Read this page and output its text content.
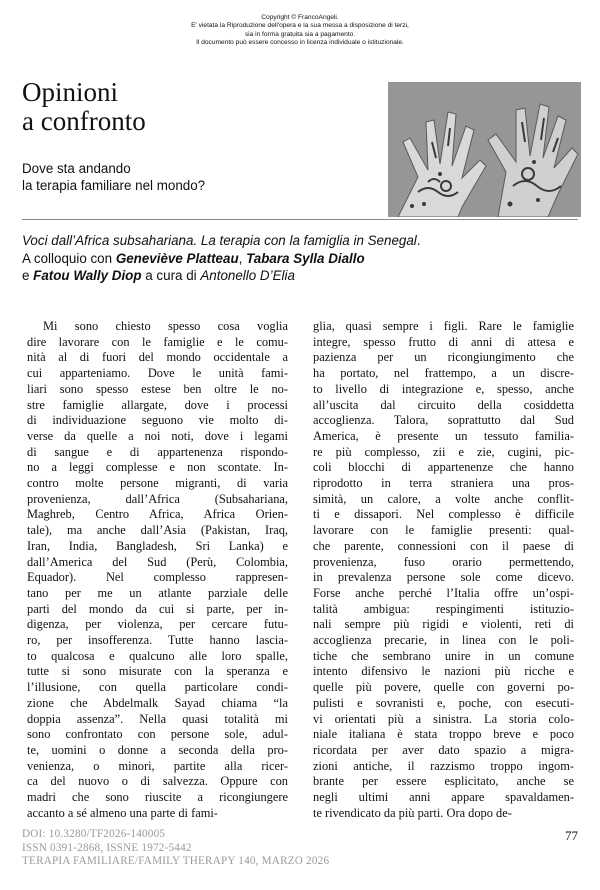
Copyright © FrancoAngeli.
E' vietata la Riproduzione dell'opera e la sua messa a disposizione di terzi,
sia in forma gratuita sia a pagamento.
Il documento può essere concesso in licenza individuale o istituzionale.
Opinioni
a confronto
Dove sta andando
la terapia familiare nel mondo?
Voci dall’Africa subsahariana. La terapia con la famiglia in Senegal.
A colloquio con Geneviève Platteau, Tabara Sylla Diallo
e Fatou Wally Diop a cura di Antonello D’Elia
Mi sono chiesto spesso cosa voglia
dire lavorare con le famiglie e le comu-
nità al di fuori del mondo occidentale a
cui apparteniamo. Dove le unità fami-
liari sono spesso estese ben oltre le no-
stre famiglie allargate, dove i processi
di individuazione seguono vie molto di-
verse da quelle a noi noti, dove i legami
di sangue e di appartenenza rispondo-
no a leggi complesse e non scontate. In-
contro molte persone migranti, di varia
provenienza, dall’Africa (Subsahariana,
Maghreb, Centro Africa, Africa Orien-
tale), ma anche dall’Asia (Pakistan, Iraq,
Iran, India, Bangladesh, Sri Lanka) e
dall’America del Sud (Perù, Colombia,
Equador). Nel complesso rappresen-
tano per me un atlante parziale delle
parti del mondo da cui si parte, per in-
digenza, per violenza, per cercare futu-
ro, per insofferenza. Tutte hanno lascia-
to qualcosa e qualcuno alle loro spalle,
tutte si sono misurate con la speranza e
l’illusione, con quella particolare condi-
zione che Abdelmalk Sayad chiama “la
doppia assenza”. Nella quasi totalità mi
sono confrontato con persone sole, adul-
te, uomini o donne a seconda della pro-
venienza, o minori, partite alla ricer-
ca del nuovo o di salvezza. Oppure con
madri che sono riuscite a ricongiungere
accanto a sé almeno una parte di fami-
glia, quasi sempre i figli. Rare le famiglie
integre, spesso frutto di anni di attesa e
pazienza per un ricongiungimento che
ha portato, nel frattempo, a un discre-
to livello di integrazione e, spesso, anche
all’uscita dal circuito della cosiddetta
accoglienza. Talora, soprattutto dal Sud
America, è presente un tessuto familia-
re più complesso, zii e zie, cugini, pic-
coli blocchi di appartenenze che hanno
riprodotto in terra straniera una pros-
simità, un calore, a volte anche conflit-
ti e dissapori. Nel complesso è difficile
lavorare con le famiglie presenti: qual-
che parente, connessioni con il paese di
provenienza, fuso orario permettendo,
in prevalenza persone sole come dicevo.
Forse anche perché l’Italia offre un’ospi-
talità ambigua: respingimenti istituzio-
nali sempre più rigidi e violenti, reti di
accoglienza precarie, in linea con le poli-
tiche che sembrano unire in un comune
intento difensivo le nazioni più ricche e
quelle più povere, quelle con governi po-
pulisti e sovranisti e, poche, con esecuti-
vi orientati più a sinistra. La storia colo-
niale italiana è stata troppo breve e poco
ricordata per aver dato spazio a migra-
zioni antiche, il razzismo troppo ingom-
brante per essere esplicitato, anche se
negli ultimi anni appare spavaldamen-
te rivendicato da più parti. Ora dopo de-
DOI: 10.3280/TF2026-140005
ISSN 0391-2868, ISSNE 1972-5442
TERAPIA FAMILIARE/FAMILY THERAPY 140, MARZO 2026
77
